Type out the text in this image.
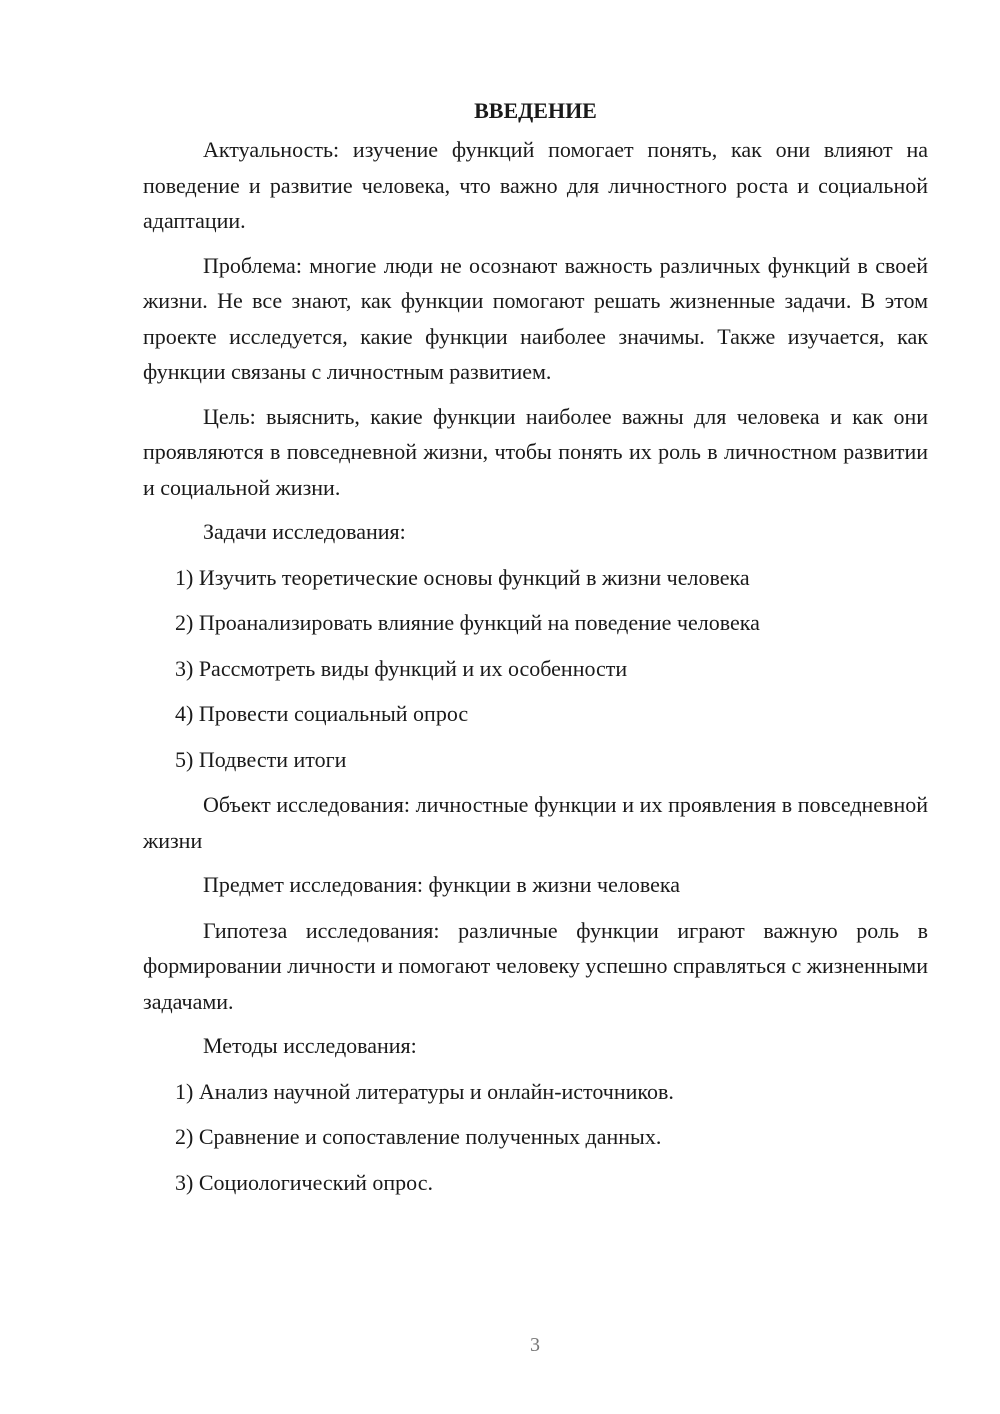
ВВЕДЕНИЕ

Актуальность: изучение функций помогает понять, как они влияют на поведение и развитие человека, что важно для личностного роста и социальной адаптации.

Проблема: многие люди не осознают важность различных функций в своей жизни. Не все знают, как функции помогают решать жизненные задачи. В этом проекте исследуется, какие функции наиболее значимы. Также изучается, как функции связаны с личностным развитием.

Цель: выяснить, какие функции наиболее важны для человека и как они проявляются в повседневной жизни, чтобы понять их роль в личностном развитии и социальной жизни.

Задачи исследования:

1) Изучить теоретические основы функций в жизни человека
2) Проанализировать влияние функций на поведение человека
3) Рассмотреть виды функций и их особенности
4) Провести социальный опрос
5) Подвести итоги

Объект исследования: личностные функции и их проявления в повседневной жизни

Предмет исследования: функции в жизни человека

Гипотеза исследования: различные функции играют важную роль в формировании личности и помогают человеку успешно справляться с жизненными задачами.

Методы исследования:

1) Анализ научной литературы и онлайн-источников.
2) Сравнение и сопоставление полученных данных.
3) Социологический опрос.
3
